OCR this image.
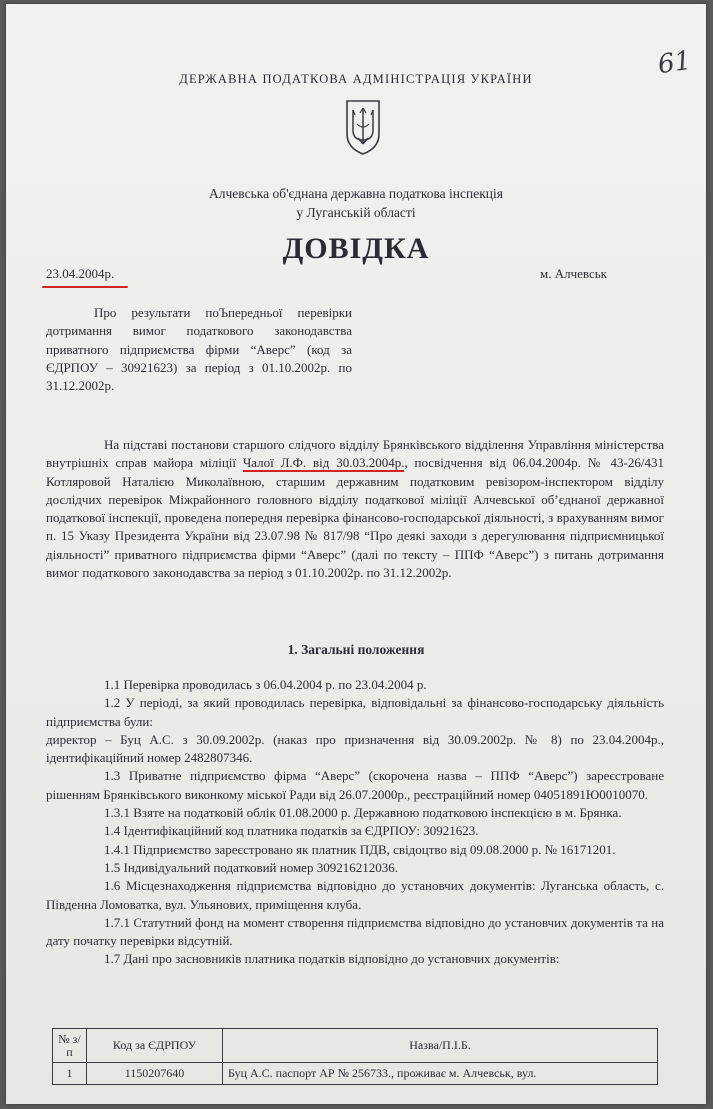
61
ДЕРЖАВНА ПОДАТКОВА АДМІНІСТРАЦІЯ УКРАЇНИ
Алчевська об'єднана державна податкова інспекція
у Луганській області
ДОВІДКА
23.04.2004р.	м. Алчевськ
Про результати поЪпередньої перевірки дотримання вимог податкового законодавства приватного підприємства фірми “Аверс” (код за ЄДРПОУ – 30921623) за період з 01.10.2002р. по 31.12.2002р.
На підставі постанови старшого слідчого відділу Брянківського відділення Управління міністерства внутрішніх справ майора міліції Чалої Л.Ф. від 30.03.2004р., посвідчення від 06.04.2004р. № 43-26/431 Котляровой Наталією Миколаївною, старшим державним податковим ревізором-інспектором відділу дослідчих перевірок Міжрайонного головного відділу податкової міліції Алчевської об’єднаної державної податкової інспекції, проведена попередня перевірка фінансово-господарської діяльності, з врахуванням вимог п. 15 Указу Президента України від 23.07.98 № 817/98 “Про деякі заходи з дерегулювання підприємницької діяльності” приватного підприємства фірми “Аверс” (далі по тексту – ППФ “Аверс”) з питань дотримання вимог податкового законодавства за період з 01.10.2002р. по 31.12.2002р.
1. Загальні положення

1.1 Перевірка проводилась з 06.04.2004 р. по 23.04.2004 р.

1.2 У періоді, за який проводилась перевірка, відповідальні за фінансово-господарську діяльність підприємства були:

директор – Буц А.С. з 30.09.2002р. (наказ про призначення від 30.09.2002р. № 8) по 23.04.2004р., ідентифікаційний номер 2482807346.

1.3 Приватне підприємство фірма “Аверс” (скорочена назва – ППФ “Аверс”) зареєстроване рішенням Брянківського виконкому міської Ради від 26.07.2000р., реєстраційний номер 04051891Ю0010070.

1.3.1 Взяте на податковій облік 01.08.2000 р. Державною податковою інспекцією в м. Брянка.

1.4 Ідентифікаційний код платника податків за ЄДРПОУ: 30921623.

1.4.1 Підприємство зареєстровано як платник ПДВ, свідоцтво від 09.08.2000 р. № 16171201.

1.5 Індивідуальний податковий номер 309216212036.

1.6 Місцезнаходження підприємства відповідно до установчих документів: Луганська область, с. Південна Ломоватка, вул. Ульянових, приміщення клуба.

1.7.1 Статутний фонд на момент створення підприємства відповідно до установчих документів та на дату початку перевірки відсутній.

1.7 Дані про засновників платника податків відповідно до установчих документів:

№ з/п	Код за ЄДРПОУ	Назва/П.І.Б.
1	1150207640	Буц А.С. паспорт АР № 256733., проживає м. Алчевськ, вул.
